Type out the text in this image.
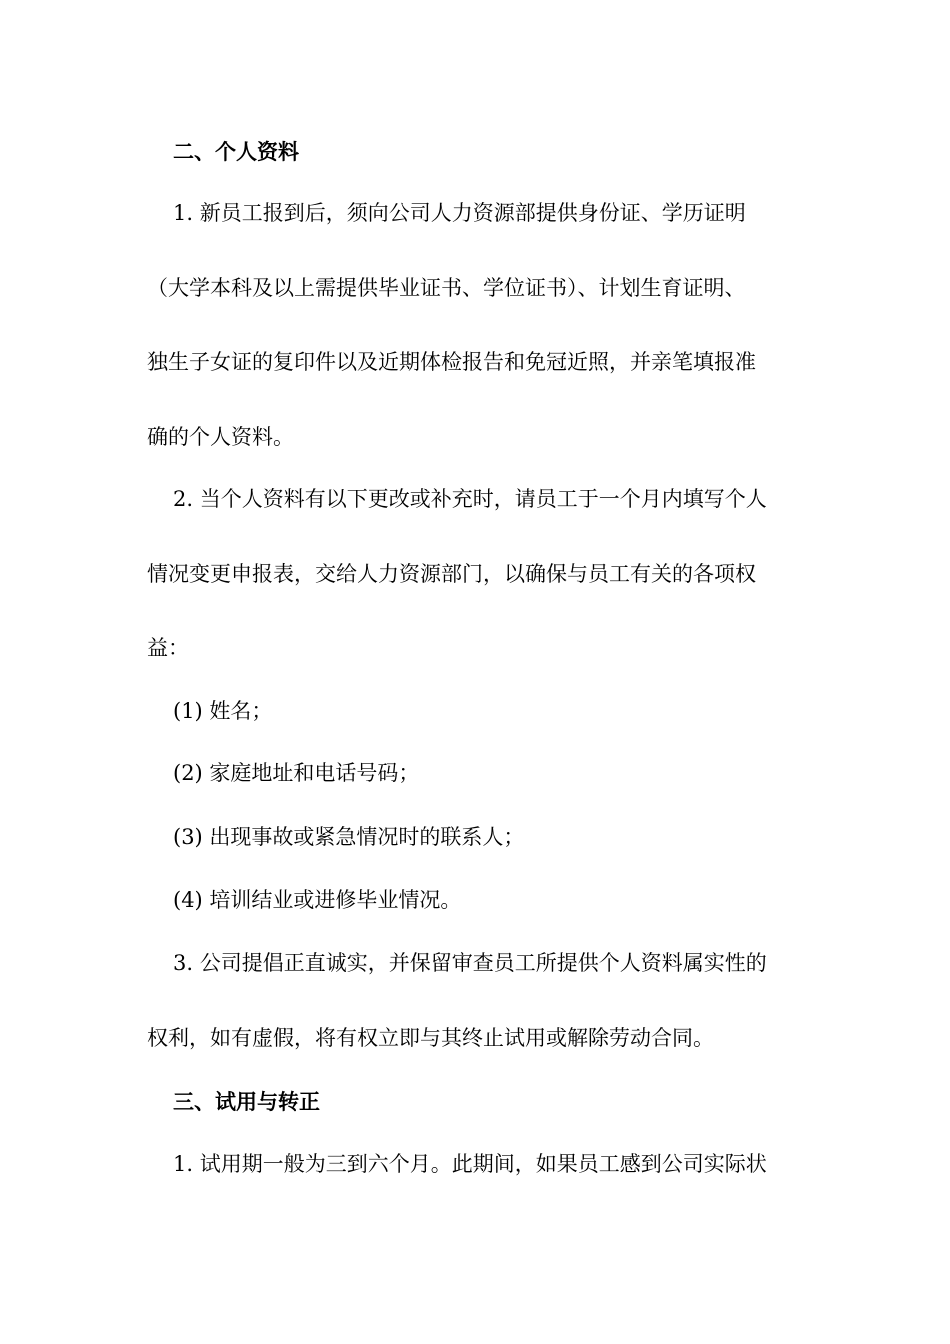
二、个人资料
1. 新员工报到后，须向公司人力资源部提供身份证、学历证明
（大学本科及以上需提供毕业证书、学位证书）、计划生育证明、
独生子女证的复印件以及近期体检报告和免冠近照，并亲笔填报准
确的个人资料。
2. 当个人资料有以下更改或补充时，请员工于一个月内填写个人
情况变更申报表，交给人力资源部门，以确保与员工有关的各项权
益：
(1) 姓名；
(2) 家庭地址和电话号码；
(3) 出现事故或紧急情况时的联系人；
(4) 培训结业或进修毕业情况。
3. 公司提倡正直诚实，并保留审查员工所提供个人资料属实性的
权利，如有虚假，将有权立即与其终止试用或解除劳动合同。
三、试用与转正
1. 试用期一般为三到六个月。此期间，如果员工感到公司实际状
